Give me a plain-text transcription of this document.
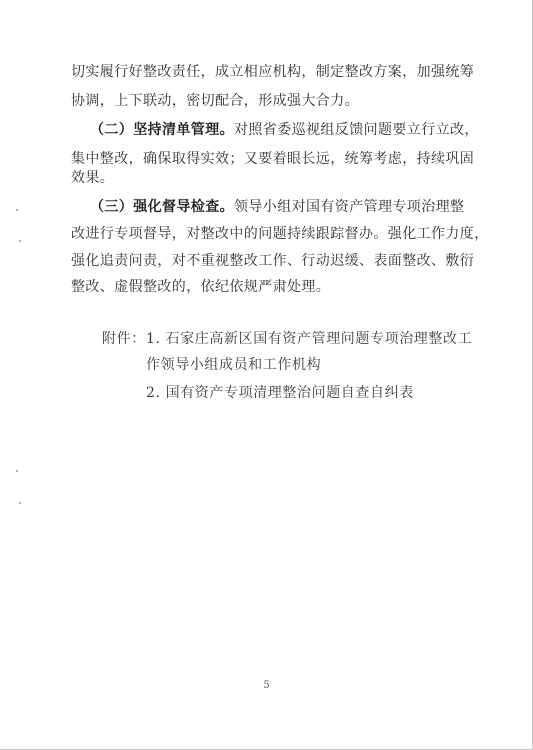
切实履行好整改责任，成立相应机构，制定整改方案，加强统筹
协调，上下联动，密切配合，形成强大合力。
（二）坚持清单管理。对照省委巡视组反馈问题要立行立改，
集中整改，确保取得实效；又要着眼长远，统筹考虑，持续巩固
效果。
（三）强化督导检查。领导小组对国有资产管理专项治理整
改进行专项督导，对整改中的问题持续跟踪督办。强化工作力度，
强化追责问责，对不重视整改工作、行动迟缓、表面整改、敷衍
整改、虚假整改的，依纪依规严肃处理。
附件： 1. 石家庄高新区国有资产管理问题专项治理整改工
作领导小组成员和工作机构
2. 国有资产专项清理整治问题自查自纠表
5
